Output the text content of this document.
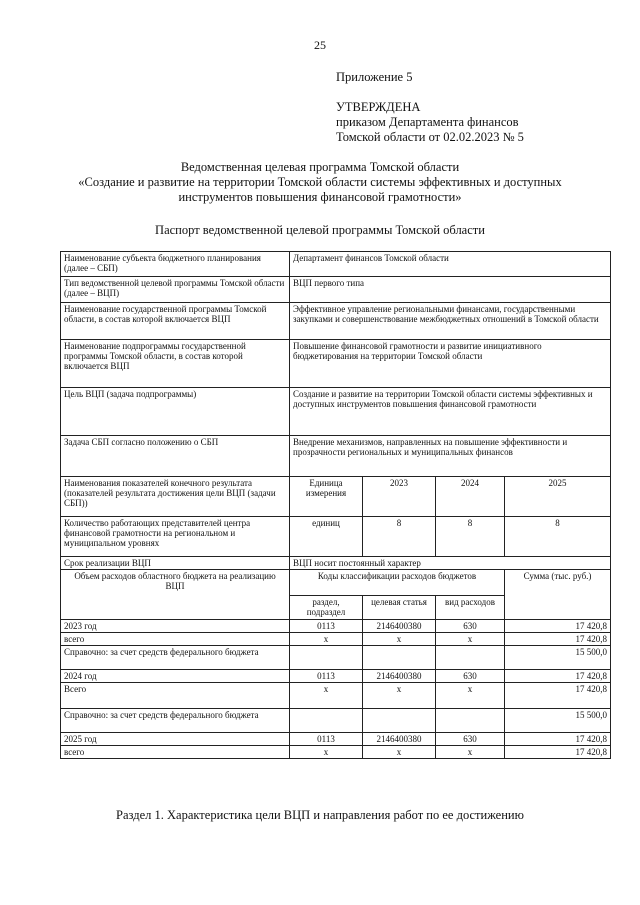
25
Приложение 5
УТВЕРЖДЕНА
приказом Департамента финансов
Томской области от 02.02.2023 № 5
Ведомственная целевая программа Томской области
«Создание и развитие на территории Томской области системы эффективных и доступных
инструментов повышения финансовой грамотности»
Паспорт ведомственной целевой программы Томской области
Наименование субъекта бюджетного планирования (далее – СБП)	Департамент финансов Томской области			
Тип ведомственной целевой программы Томской области (далее – ВЦП)	ВЦП первого типа			
Наименование государственной программы Томской области, в состав которой включается ВЦП	Эффективное управление региональными финансами, государственными закупками и совершенствование межбюджетных отношений в Томской области			
Наименование подпрограммы государственной программы Томской области, в состав которой включается ВЦП	Повышение финансовой грамотности и развитие инициативного бюджетирования на территории Томской области			
Цель ВЦП (задача подпрограммы)	Создание и развитие на территории Томской области системы эффективных и доступных инструментов повышения финансовой грамотности			
Задача СБП согласно положению о СБП	Внедрение механизмов, направленных на повышение эффективности и прозрачности региональных и муниципальных финансов			
Наименования показателей конечного результата (показателей результата достижения цели ВЦП (задачи СБП))	Единица измерения	2023	2024	2025
Количество работающих представителей центра финансовой грамотности на региональном и муниципальном уровнях	единиц	8	8	8
Срок реализации ВЦП	ВЦП носит постоянный характер			
Объем расходов областного бюджета на реализацию ВЦП	Коды классификации расходов бюджетов			Сумма (тыс. руб.)
	раздел, подраздел	целевая статья	вид расходов	
2023 год	0113	2146400380	630	17 420,8
всего	х	х	х	17 420,8
Справочно: за счет средств федерального бюджета				15 500,0
2024 год	0113	2146400380	630	17 420,8
Всего	х	х	х	17 420,8
Справочно: за счет средств федерального бюджета				15 500,0
2025 год	0113	2146400380	630	17 420,8
всего	х	х	х	17 420,8
Раздел 1. Характеристика цели ВЦП и направления работ по ее достижению
